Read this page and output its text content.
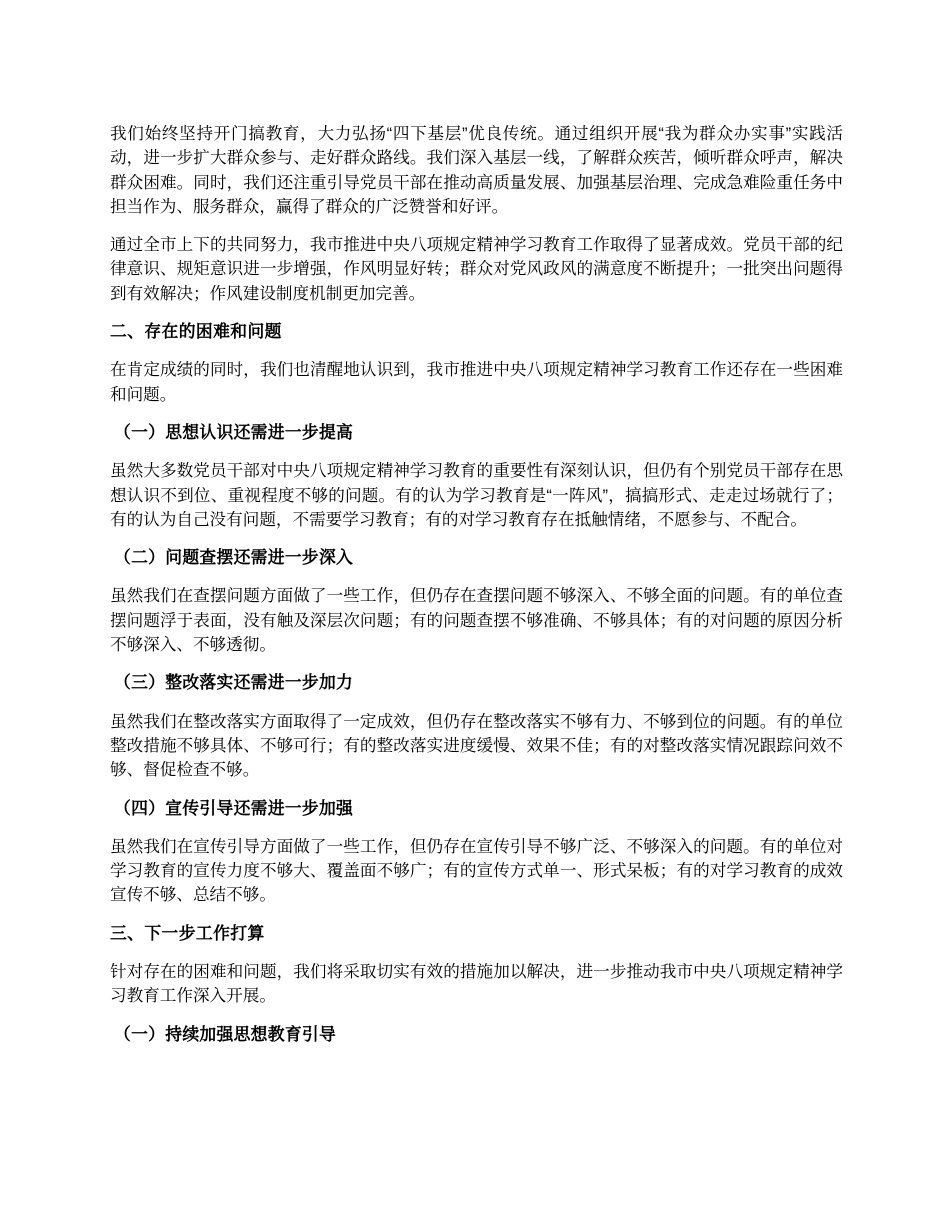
我们始终坚持开门搞教育，大力弘扬“四下基层”优良传统。通过组织开展“我为群众办实事”实践活动，进一步扩大群众参与、走好群众路线。我们深入基层一线，了解群众疾苦，倾听群众呼声，解决群众困难。同时，我们还注重引导党员干部在推动高质量发展、加强基层治理、完成急难险重任务中担当作为、服务群众，赢得了群众的广泛赞誉和好评。
通过全市上下的共同努力，我市推进中央八项规定精神学习教育工作取得了显著成效。党员干部的纪律意识、规矩意识进一步增强，作风明显好转；群众对党风政风的满意度不断提升；一批突出问题得到有效解决；作风建设制度机制更加完善。
二、存在的困难和问题
在肯定成绩的同时，我们也清醒地认识到，我市推进中央八项规定精神学习教育工作还存在一些困难和问题。
（一）思想认识还需进一步提高
虽然大多数党员干部对中央八项规定精神学习教育的重要性有深刻认识，但仍有个别党员干部存在思想认识不到位、重视程度不够的问题。有的认为学习教育是“一阵风”，搞搞形式、走走过场就行了；有的认为自己没有问题，不需要学习教育；有的对学习教育存在抵触情绪，不愿参与、不配合。
（二）问题查摆还需进一步深入
虽然我们在查摆问题方面做了一些工作，但仍存在查摆问题不够深入、不够全面的问题。有的单位查摆问题浮于表面，没有触及深层次问题；有的问题查摆不够准确、不够具体；有的对问题的原因分析不够深入、不够透彻。
（三）整改落实还需进一步加力
虽然我们在整改落实方面取得了一定成效，但仍存在整改落实不够有力、不够到位的问题。有的单位整改措施不够具体、不够可行；有的整改落实进度缓慢、效果不佳；有的对整改落实情况跟踪问效不够、督促检查不够。
（四）宣传引导还需进一步加强
虽然我们在宣传引导方面做了一些工作，但仍存在宣传引导不够广泛、不够深入的问题。有的单位对学习教育的宣传力度不够大、覆盖面不够广；有的宣传方式单一、形式呆板；有的对学习教育的成效宣传不够、总结不够。
三、下一步工作打算
针对存在的困难和问题，我们将采取切实有效的措施加以解决，进一步推动我市中央八项规定精神学习教育工作深入开展。
（一）持续加强思想教育引导
